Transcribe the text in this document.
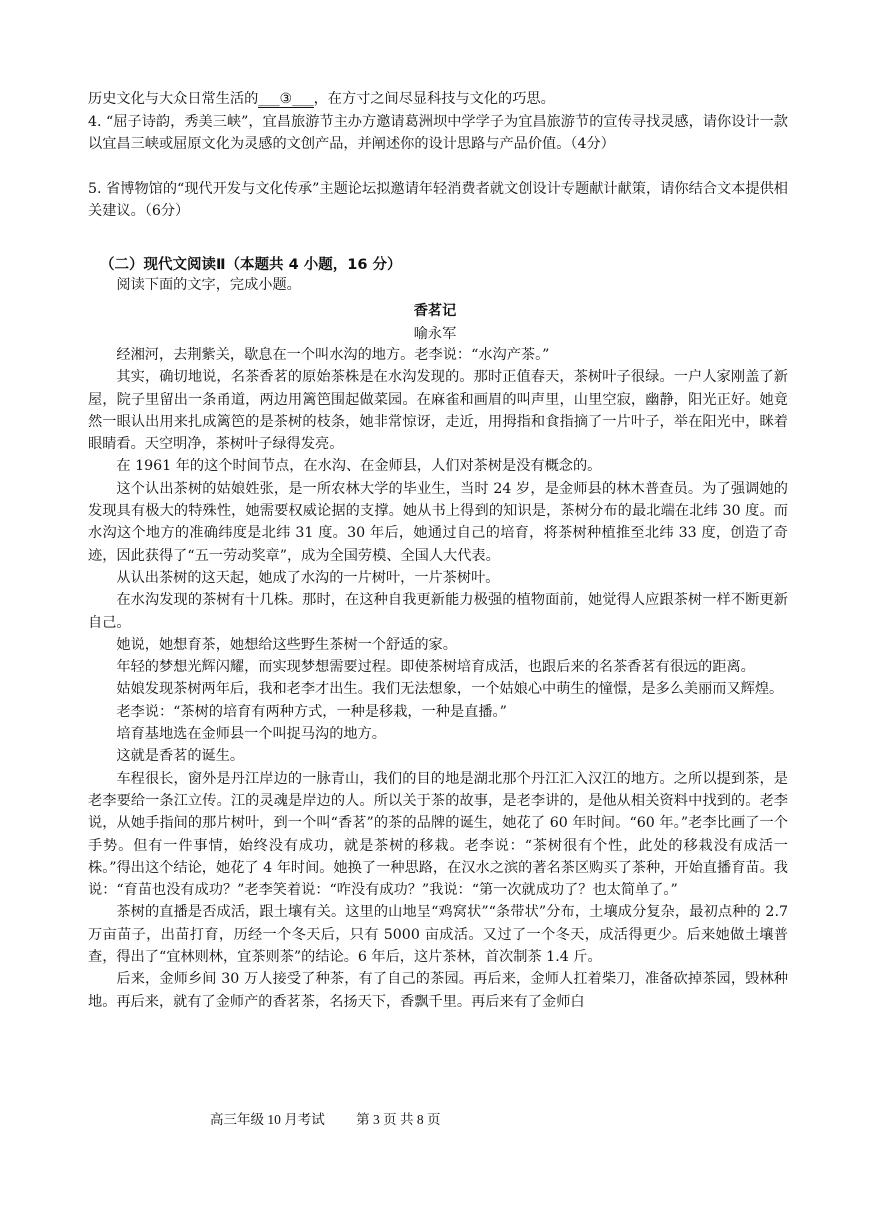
历史文化与大众日常生活的___③___，在方寸之间尽显科技与文化的巧思。

4. “屈子诗韵，秀美三峡”，宜昌旅游节主办方邀请葛洲坝中学学子为宜昌旅游节的宣传寻找灵感，请你设计一款以宜昌三峡或屈原文化为灵感的文创产品，并阐述你的设计思路与产品价值。（4分）

5. 省博物馆的“现代开发与文化传承”主题论坛拟邀请年轻消费者就文创设计专题献计献策，请你结合文本提供相关建议。（6分）

（二）现代文阅读Ⅱ（本题共 4 小题，16 分）

阅读下面的文字，完成小题。

香茗记

喻永军

经湘河，去荆紫关，歇息在一个叫水沟的地方。老李说：“水沟产茶。”

其实，确切地说，名茶香茗的原始茶株是在水沟发现的。那时正值春天，茶树叶子很绿。一户人家刚盖了新屋，院子里留出一条甬道，两边用篱笆围起做菜园。在麻雀和画眉的叫声里，山里空寂，幽静，阳光正好。她竟然一眼认出用来扎成篱笆的是茶树的枝条，她非常惊讶，走近，用拇指和食指摘了一片叶子，举在阳光中，眯着眼睛看。天空明净，茶树叶子绿得发亮。

在 1961 年的这个时间节点，在水沟、在金师县，人们对茶树是没有概念的。

这个认出茶树的姑娘姓张，是一所农林大学的毕业生，当时 24 岁，是金师县的林木普查员。为了强调她的发现具有极大的特殊性，她需要权威论据的支撑。她从书上得到的知识是，茶树分布的最北端在北纬 30 度。而水沟这个地方的准确纬度是北纬 31 度。30 年后，她通过自己的培育，将茶树种植推至北纬 33 度，创造了奇迹，因此获得了“五一劳动奖章”，成为全国劳模、全国人大代表。

从认出茶树的这天起，她成了水沟的一片树叶，一片茶树叶。

在水沟发现的茶树有十几株。那时，在这种自我更新能力极强的植物面前，她觉得人应跟茶树一样不断更新自己。

她说，她想育茶，她想给这些野生茶树一个舒适的家。

年轻的梦想光辉闪耀，而实现梦想需要过程。即使茶树培育成活，也跟后来的名茶香茗有很远的距离。

姑娘发现茶树两年后，我和老李才出生。我们无法想象，一个姑娘心中萌生的憧憬，是多么美丽而又辉煌。

老李说：“茶树的培育有两种方式，一种是移栽，一种是直播。”

培育基地选在金师县一个叫捉马沟的地方。

这就是香茗的诞生。

车程很长，窗外是丹江岸边的一脉青山，我们的目的地是湖北那个丹江汇入汉江的地方。之所以提到茶，是老李要给一条江立传。江的灵魂是岸边的人。所以关于茶的故事，是老李讲的，是他从相关资料中找到的。老李说，从她手指间的那片树叶，到一个叫“香茗”的茶的品牌的诞生，她花了 60 年时间。“60 年。”老李比画了一个手势。但有一件事情，始终没有成功，就是茶树的移栽。老李说：“茶树很有个性，此处的移栽没有成活一株。”得出这个结论，她花了 4 年时间。她换了一种思路，在汉水之滨的著名茶区购买了茶种，开始直播育苗。我说：“育苗也没有成功？”老李笑着说：“咋没有成功？”我说：“第一次就成功了？也太简单了。”

茶树的直播是否成活，跟土壤有关。这里的山地呈“鸡窝状”“条带状”分布，土壤成分复杂，最初点种的 2.7 万亩苗子，出苗打育，历经一个冬天后，只有 5000 亩成活。又过了一个冬天，成活得更少。后来她做土壤普查，得出了“宜林则林，宜茶则茶”的结论。6 年后，这片茶林，首次制茶 1.4 斤。

后来，金师乡间 30 万人接受了种茶，有了自己的茶园。再后来，金师人扛着柴刀，准备砍掉茶园，毁林种地。再后来，就有了金师产的香茗茶，名扬天下，香飘千里。再后来有了金师白

高三年级 10 月考试 第 3 页 共 8 页
